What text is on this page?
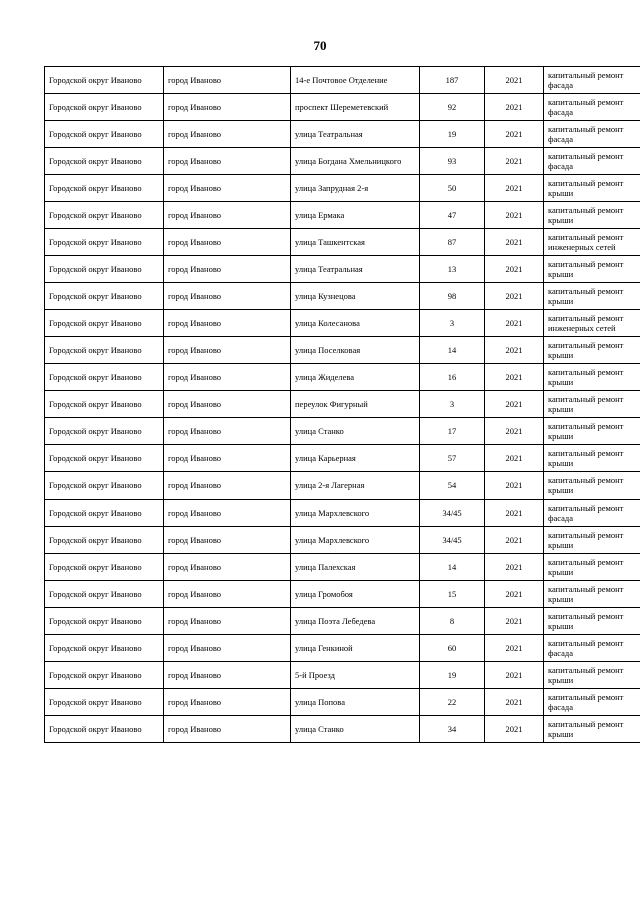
70
Городской округ Иваново	город Иваново	14-е Почтовое Отделение	187	2021	капитальный ремонт фасада
Городской округ Иваново	город Иваново	проспект Шереметевский	92	2021	капитальный ремонт фасада
Городской округ Иваново	город Иваново	улица Театральная	19	2021	капитальный ремонт фасада
Городской округ Иваново	город Иваново	улица Богдана Хмельницкого	93	2021	капитальный ремонт фасада
Городской округ Иваново	город Иваново	улица Запрудная 2-я	50	2021	капитальный ремонт крыши
Городской округ Иваново	город Иваново	улица Ермака	47	2021	капитальный ремонт крыши
Городской округ Иваново	город Иваново	улица Ташкентская	87	2021	капитальный ремонт инженерных сетей
Городской округ Иваново	город Иваново	улица Театральная	13	2021	капитальный ремонт крыши
Городской округ Иваново	город Иваново	улица Кузнецова	98	2021	капитальный ремонт крыши
Городской округ Иваново	город Иваново	улица Колесанова	3	2021	капитальный ремонт инженерных сетей
Городской округ Иваново	город Иваново	улица Поселковая	14	2021	капитальный ремонт крыши
Городской округ Иваново	город Иваново	улица Жиделева	16	2021	капитальный ремонт крыши
Городской округ Иваново	город Иваново	переулок Фигурный	3	2021	капитальный ремонт крыши
Городской округ Иваново	город Иваново	улица Станко	17	2021	капитальный ремонт крыши
Городской округ Иваново	город Иваново	улица Карьерная	57	2021	капитальный ремонт крыши
Городской округ Иваново	город Иваново	улица 2-я Лагерная	54	2021	капитальный ремонт крыши
Городской округ Иваново	город Иваново	улица Мархлевского	34/45	2021	капитальный ремонт фасада
Городской округ Иваново	город Иваново	улица Мархлевского	34/45	2021	капитальный ремонт крыши
Городской округ Иваново	город Иваново	улица Палехская	14	2021	капитальный ремонт крыши
Городской округ Иваново	город Иваново	улица Громобоя	15	2021	капитальный ремонт крыши
Городской округ Иваново	город Иваново	улица Поэта Лебедева	8	2021	капитальный ремонт крыши
Городской округ Иваново	город Иваново	улица Генкиной	60	2021	капитальный ремонт фасада
Городской округ Иваново	город Иваново	5-й Проезд	19	2021	капитальный ремонт крыши
Городской округ Иваново	город Иваново	улица Попова	22	2021	капитальный ремонт фасада
Городской округ Иваново	город Иваново	улица Станко	34	2021	капитальный ремонт крыши
